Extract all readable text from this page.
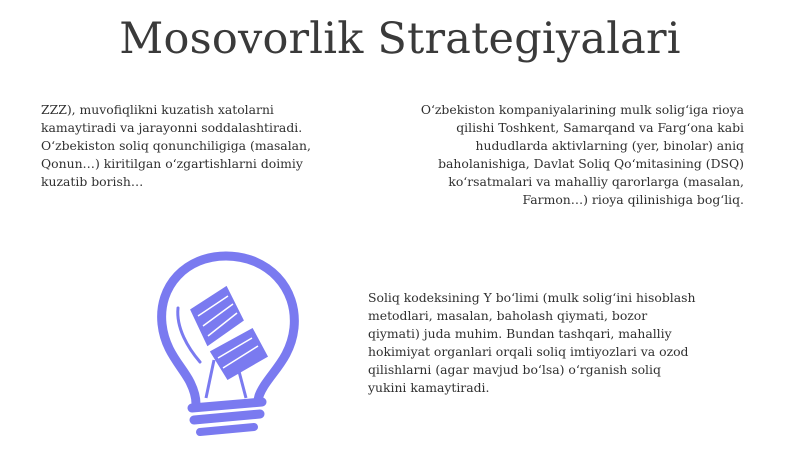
Mosovorlik Strategiyalari
ZZZ), muvofiqlikni kuzatish xatolarni
kamaytiradi va jarayonni soddalashtiradi.
O‘zbekiston soliq qonunchiligiga (masalan,
Qonun…) kiritilgan o‘zgartishlarni doimiy
kuzatib borish…
O‘zbekiston kompaniyalarining mulk solig‘iga rioya
qilishi Toshkent, Samarqand va Farg‘ona kabi
hududlarda aktivlarning (yer, binolar) aniq
baholanishiga, Davlat Soliq Qo‘mitasining (DSQ)
ko‘rsatmalari va mahalliy qarorlarga (masalan,
Farmon…) rioya qilinishiga bog‘liq.
Soliq kodeksining Y bo‘limi (mulk solig‘ini hisoblash
metodlari, masalan, baholash qiymati, bozor
qiymati) juda muhim. Bundan tashqari, mahalliy
hokimiyat organlari orqali soliq imtiyozlari va ozod
qilishlarni (agar mavjud bo‘lsa) o‘rganish soliq
yukini kamaytiradi.
